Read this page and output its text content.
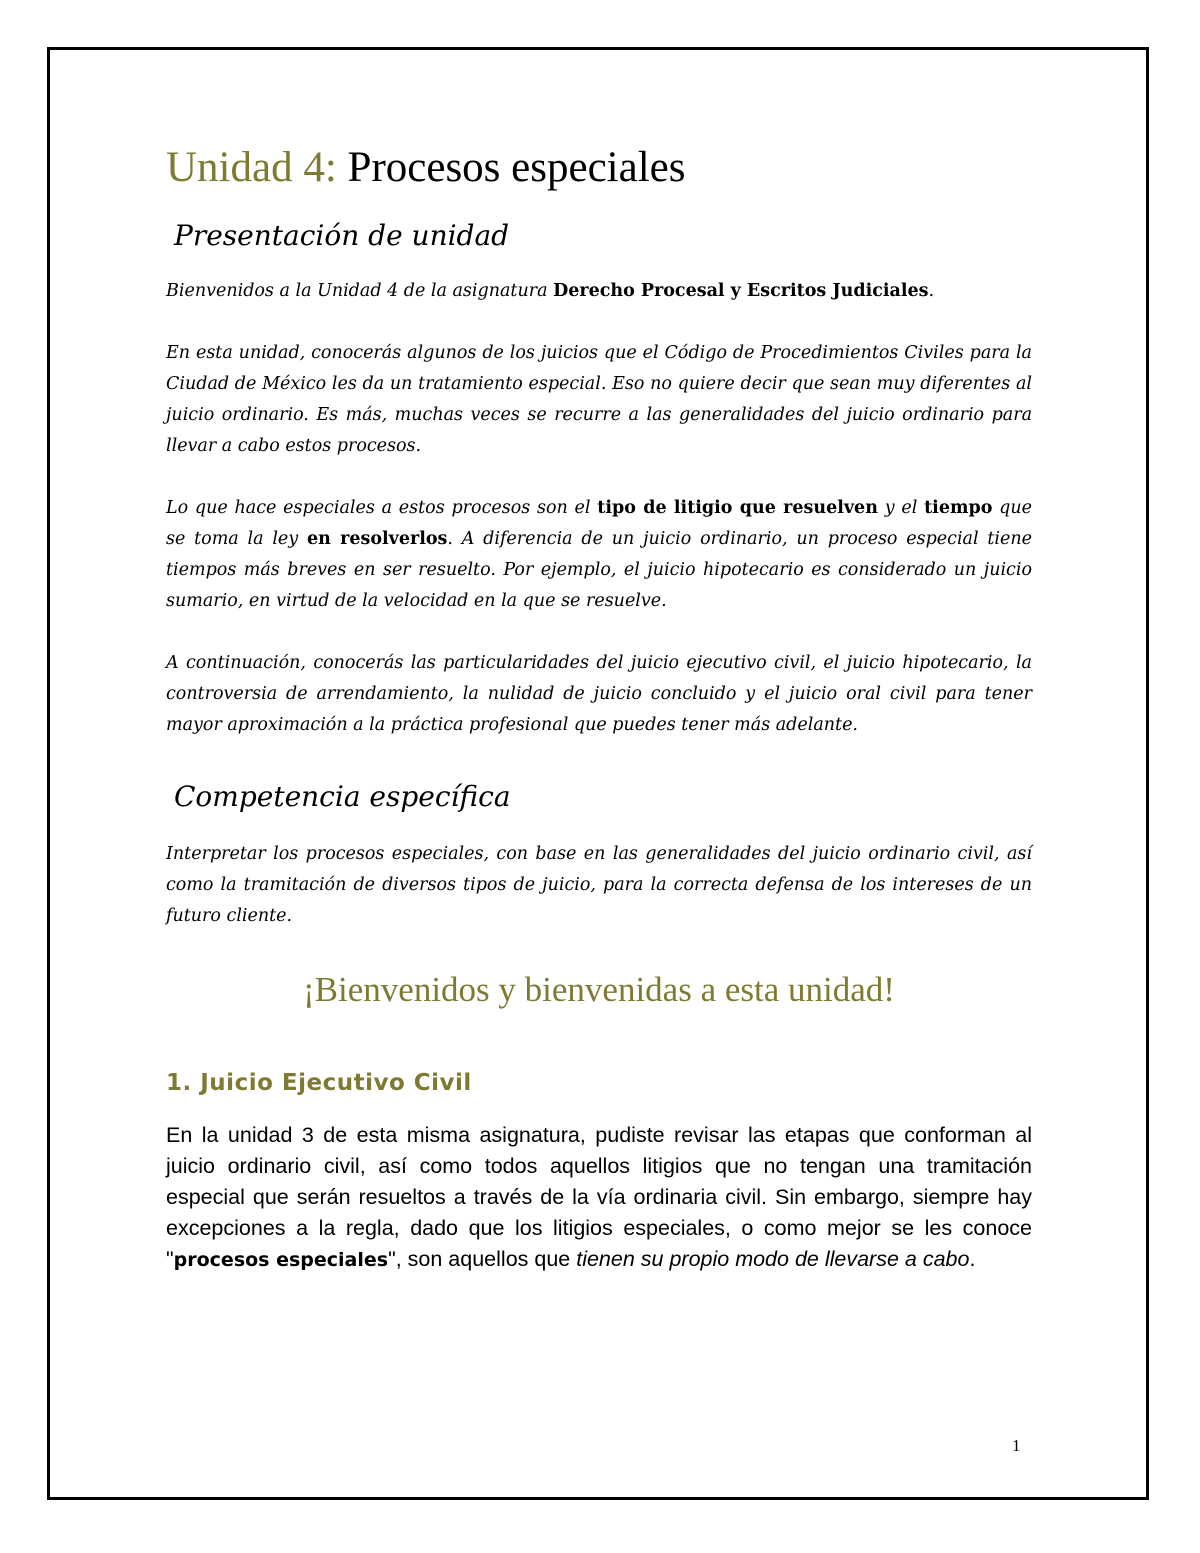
Unidad 4: Procesos especiales
Presentación de unidad

Bienvenidos a la Unidad 4 de la asignatura Derecho Procesal y Escritos Judiciales.

En esta unidad, conocerás algunos de los juicios que el Código de Procedimientos Civiles para la Ciudad de México les da un tratamiento especial. Eso no quiere decir que sean muy diferentes al juicio ordinario. Es más, muchas veces se recurre a las generalidades del juicio ordinario para llevar a cabo estos procesos.

Lo que hace especiales a estos procesos son el tipo de litigio que resuelven y el tiempo que se toma la ley en resolverlos. A diferencia de un juicio ordinario, un proceso especial tiene tiempos más breves en ser resuelto. Por ejemplo, el juicio hipotecario es considerado un juicio sumario, en virtud de la velocidad en la que se resuelve.

A continuación, conocerás las particularidades del juicio ejecutivo civil, el juicio hipotecario, la controversia de arrendamiento, la nulidad de juicio concluido y el juicio oral civil para tener mayor aproximación a la práctica profesional que puedes tener más adelante.

Competencia específica

Interpretar los procesos especiales, con base en las generalidades del juicio ordinario civil, así como la tramitación de diversos tipos de juicio, para la correcta defensa de los intereses de un futuro cliente.

¡Bienvenidos y bienvenidas a esta unidad!

1. Juicio Ejecutivo Civil

En la unidad 3 de esta misma asignatura, pudiste revisar las etapas que conforman al juicio ordinario civil, así como todos aquellos litigios que no tengan una tramitación especial que serán resueltos a través de la vía ordinaria civil. Sin embargo, siempre hay excepciones a la regla, dado que los litigios especiales, o como mejor se les conoce "procesos especiales", son aquellos que tienen su propio modo de llevarse a cabo.

1
